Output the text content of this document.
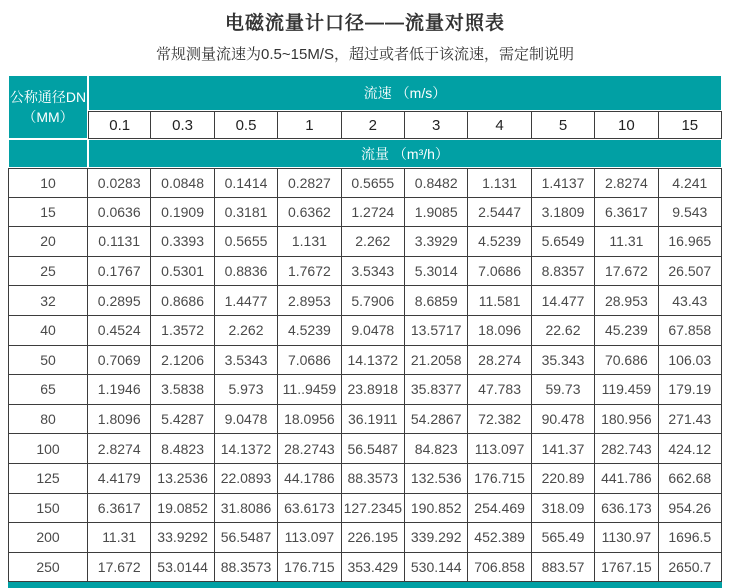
电磁流量计口径——流量对照表
常规测量流速为0.5~15M/S，超过或者低于该流速，需定制说明
公称通径DN
（MM）
流速 （m/s）
流量 （m³/h）
0.1	0.3	0.5	1	2	3	4	5	10	15
10	0.0283	0.0848	0.1414	0.2827	0.5655	0.8482	1.131	1.4137	2.8274	4.241
15	0.0636	0.1909	0.3181	0.6362	1.2724	1.9085	2.5447	3.1809	6.3617	9.543
20	0.1131	0.3393	0.5655	1.131	2.262	3.3929	4.5239	5.6549	11.31	16.965
25	0.1767	0.5301	0.8836	1.7672	3.5343	5.3014	7.0686	8.8357	17.672	26.507
32	0.2895	0.8686	1.4477	2.8953	5.7906	8.6859	11.581	14.477	28.953	43.43
40	0.4524	1.3572	2.262	4.5239	9.0478	13.5717	18.096	22.62	45.239	67.858
50	0.7069	2.1206	3.5343	7.0686	14.1372 21.2058	28.274	35.343	70.686	106.03
65	1.1946	3.5838	5.973	11..9459 23.8918 35.8377	47.783	59.73	119.459	179.19
80	1.8096	5.4287	9.0478	18.0956 36.1911 54.2867	72.382	90.478	180.956	271.43
100	2.8274	8.4823	14.1372 28.2743 56.5487	84.823	113.097	141.37	282.743	424.12
125	4.4179	13.2536 22.0893 44.1786 88.3573 132.536 176.715	220.89	441.786	662.68
150	6.3617	19.0852 31.8086 63.6173 127.2345 190.852 254.469	318.09	636.173	954.26
200	11.31	33.9292 56.5487 113.097 226.195 339.292 452.389	565.49	1130.97	1696.5
250	17.672	53.0144 88.3573 176.715 353.429 530.144 706.858	883.57	1767.15	2650.7
